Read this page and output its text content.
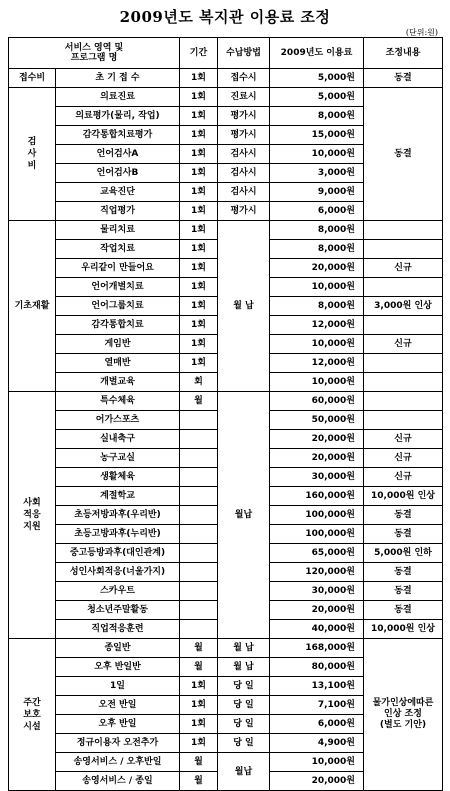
2009년도 복지관 이용료 조정
(단위:원)
서비스 영역 및
프로그램 명		기간	수납방법	2009년도 이용료	조정내용
접수비	초 기 접 수	1회	접수시	5,000원	동결
검
사
비	의료진료	1회	진료시	5,000원	동결
	의료평가(물리, 작업)	1회	평가시	8,000원	
	감각통합치료평가	1회	평가시	15,000원	
	언어검사A	1회	검사시	10,000원	
	언어검사B	1회	검사시	3,000원	
	교육진단	1회	검사시	9,000원	
	직업평가	1회	평가시	6,000원	
기초재활	물리치료	1회	월 납	8,000원	
	작업치료	1회		8,000원	
	우리같이 만들어요	1회		20,000원	신규
	언어개별치료	1회		10,000원	
	언어그룹치료	1회		8,000원	3,000원 인상
	감각통합치료	1회		12,000원	
	게임반	1회		10,000원	신규
	열매반	1회		12,000원	
	개별교육	회		10,000원	
사회
적응
지원	특수체육	월	월납	60,000원	
	어가스포츠			50,000원	
	실내축구			20,000원	신규
	농구교실			20,000원	신규
	생활체육			30,000원	신규
	계절학교			160,000원	10,000원 인상
	초등저방과후(우리반)			100,000원	동결
	초등고방과후(누리반)			100,000원	동결
	중고등방과후(대인관계)			65,000원	5,000원 인하
	성인사회적응(너울가지)			120,000원	동결
	스카우트			30,000원	동결
	청소년주말활동			20,000원	동결
	직업적응훈련			40,000원	10,000원 인상
주간
보호
시설	종일반	월	월 납	168,000원	물가인상에따른
인상 조정
(별도 기안)
	오후 반일반	월	월 납	80,000원	
	1일	1회	당 일	13,100원	
	오전 반일	1회	당 일	7,100원	
	오후 반일	1회	당 일	6,000원	
	정규이용자 오전추가	1회	당 일	4,900원	
	송영서비스 / 오후반일	월	월납	10,000원	
	송영서비스 / 종일	월		20,000원	
